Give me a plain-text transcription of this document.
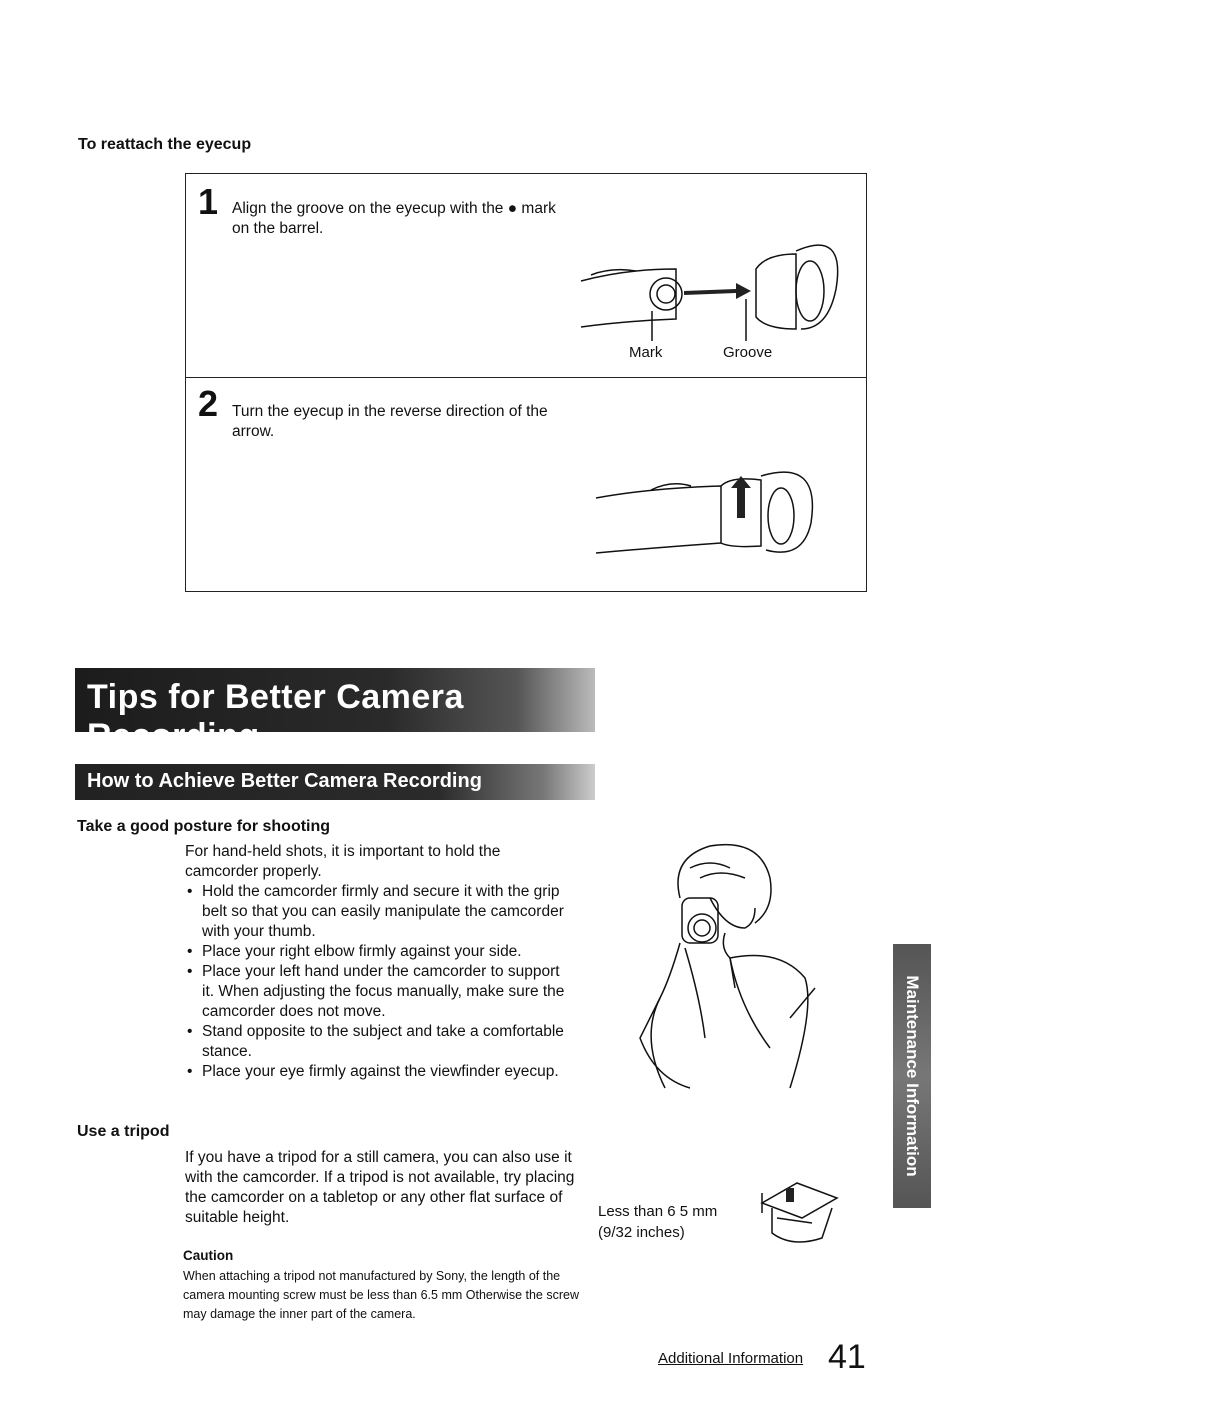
To reattach the eyecup
1 Align the groove on the eyecup with the ● mark on the barrel.
Mark	Groove
2 Turn the eyecup in the reverse direction of the arrow.
Tips for Better Camera Recording
How to Achieve Better Camera Recording
Take a good posture for shooting
For hand-held shots, it is important to hold the camcorder properly.
• Hold the camcorder firmly and secure it with the grip belt so that you can easily manipulate the camcorder with your thumb.
• Place your right elbow firmly against your side.
• Place your left hand under the camcorder to support it. When adjusting the focus manually, make sure the camcorder does not move.
• Stand opposite to the subject and take a comfortable stance.
• Place your eye firmly against the viewfinder eyecup.
Use a tripod
If you have a tripod for a still camera, you can also use it with the camcorder. If a tripod is not available, try placing the camcorder on a tabletop or any other flat surface of suitable height.
Caution
When attaching a tripod not manufactured by Sony, the length of the camera mounting screw must be less than 6.5 mm Otherwise the screw may damage the inner part of the camera.
Less than 6 5 mm
(9/32 inches)
Maintenance Information
Additional Information 41
